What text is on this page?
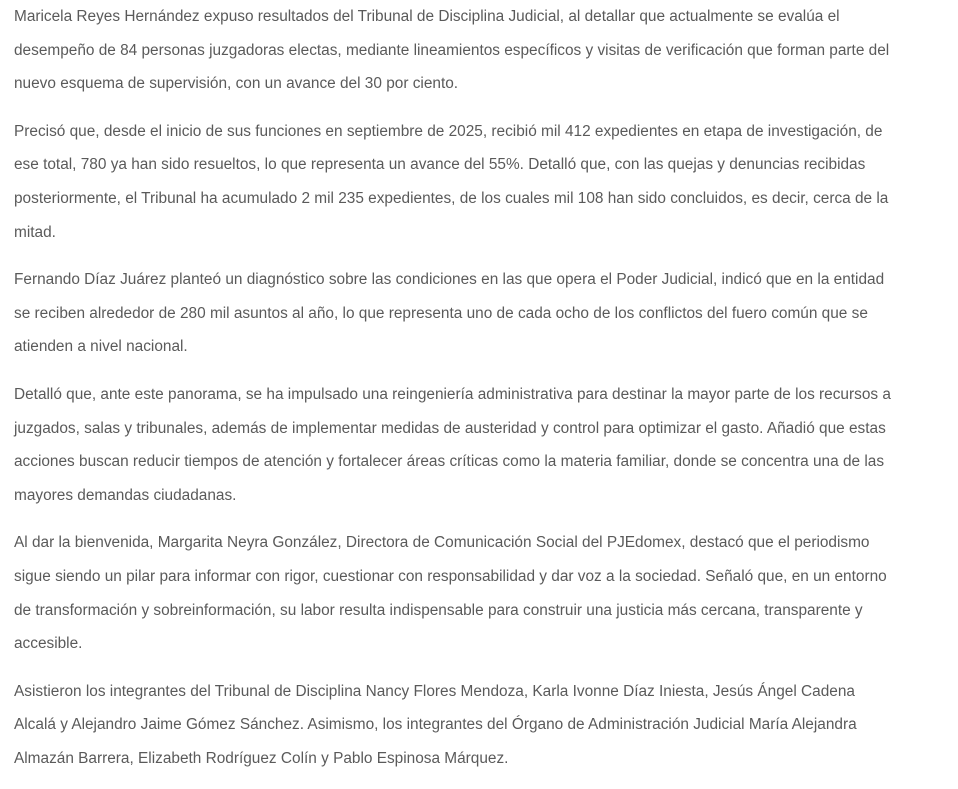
Maricela Reyes Hernández expuso resultados del Tribunal de Disciplina Judicial, al detallar que actualmente se evalúa el desempeño de 84 personas juzgadoras electas, mediante lineamientos específicos y visitas de verificación que forman parte del nuevo esquema de supervisión, con un avance del 30 por ciento.

Precisó que, desde el inicio de sus funciones en septiembre de 2025, recibió mil 412 expedientes en etapa de investigación, de ese total, 780 ya han sido resueltos, lo que representa un avance del 55%. Detalló que, con las quejas y denuncias recibidas posteriormente, el Tribunal ha acumulado 2 mil 235 expedientes, de los cuales mil 108 han sido concluidos, es decir, cerca de la mitad.

Fernando Díaz Juárez planteó un diagnóstico sobre las condiciones en las que opera el Poder Judicial, indicó que en la entidad se reciben alrededor de 280 mil asuntos al año, lo que representa uno de cada ocho de los conflictos del fuero común que se atienden a nivel nacional.

Detalló que, ante este panorama, se ha impulsado una reingeniería administrativa para destinar la mayor parte de los recursos a juzgados, salas y tribunales, además de implementar medidas de austeridad y control para optimizar el gasto. Añadió que estas acciones buscan reducir tiempos de atención y fortalecer áreas críticas como la materia familiar, donde se concentra una de las mayores demandas ciudadanas.

Al dar la bienvenida, Margarita Neyra González, Directora de Comunicación Social del PJEdomex, destacó que el periodismo sigue siendo un pilar para informar con rigor, cuestionar con responsabilidad y dar voz a la sociedad. Señaló que, en un entorno de transformación y sobreinformación, su labor resulta indispensable para construir una justicia más cercana, transparente y accesible.

Asistieron los integrantes del Tribunal de Disciplina Nancy Flores Mendoza, Karla Ivonne Díaz Iniesta, Jesús Ángel Cadena Alcalá y Alejandro Jaime Gómez Sánchez. Asimismo, los integrantes del Órgano de Administración Judicial María Alejandra Almazán Barrera, Elizabeth Rodríguez Colín y Pablo Espinosa Márquez.
